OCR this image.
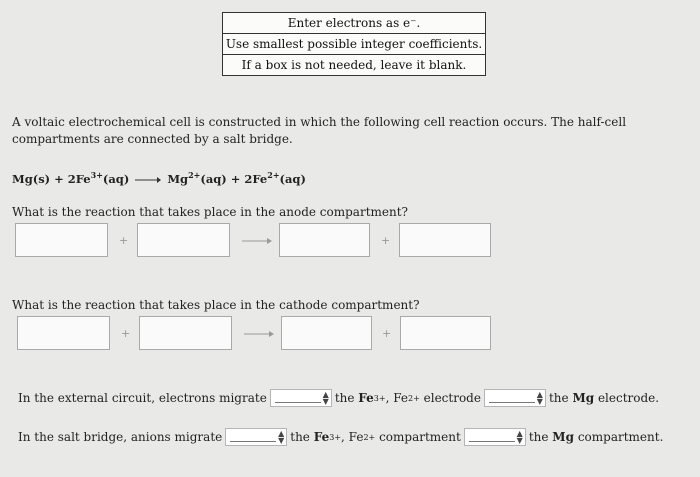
Enter electrons as e⁻.
Use smallest possible integer coefficients.
If a box is not needed, leave it blank.
A voltaic electrochemical cell is constructed in which the following cell reaction occurs. The half-cell compartments are connected by a salt bridge.
$Mg(s) + 2Fe^{3+}(aq) \to Mg^{2+}(aq) + 2Fe^{2+}(aq)$
What is the reaction that takes place in the anode compartment?
+	+
What is the reaction that takes place in the cathode compartment?
+	+
In the external circuit, electrons migrate	▲
▼ the
Fe 3+ , Fe 2+
electrode	▲
▼ the
Mg
electrode.
In the salt bridge, anions migrate	▲
▼ the
Fe 3+ , Fe 2+
compartment	▲
▼ the
Mg
compartment.
